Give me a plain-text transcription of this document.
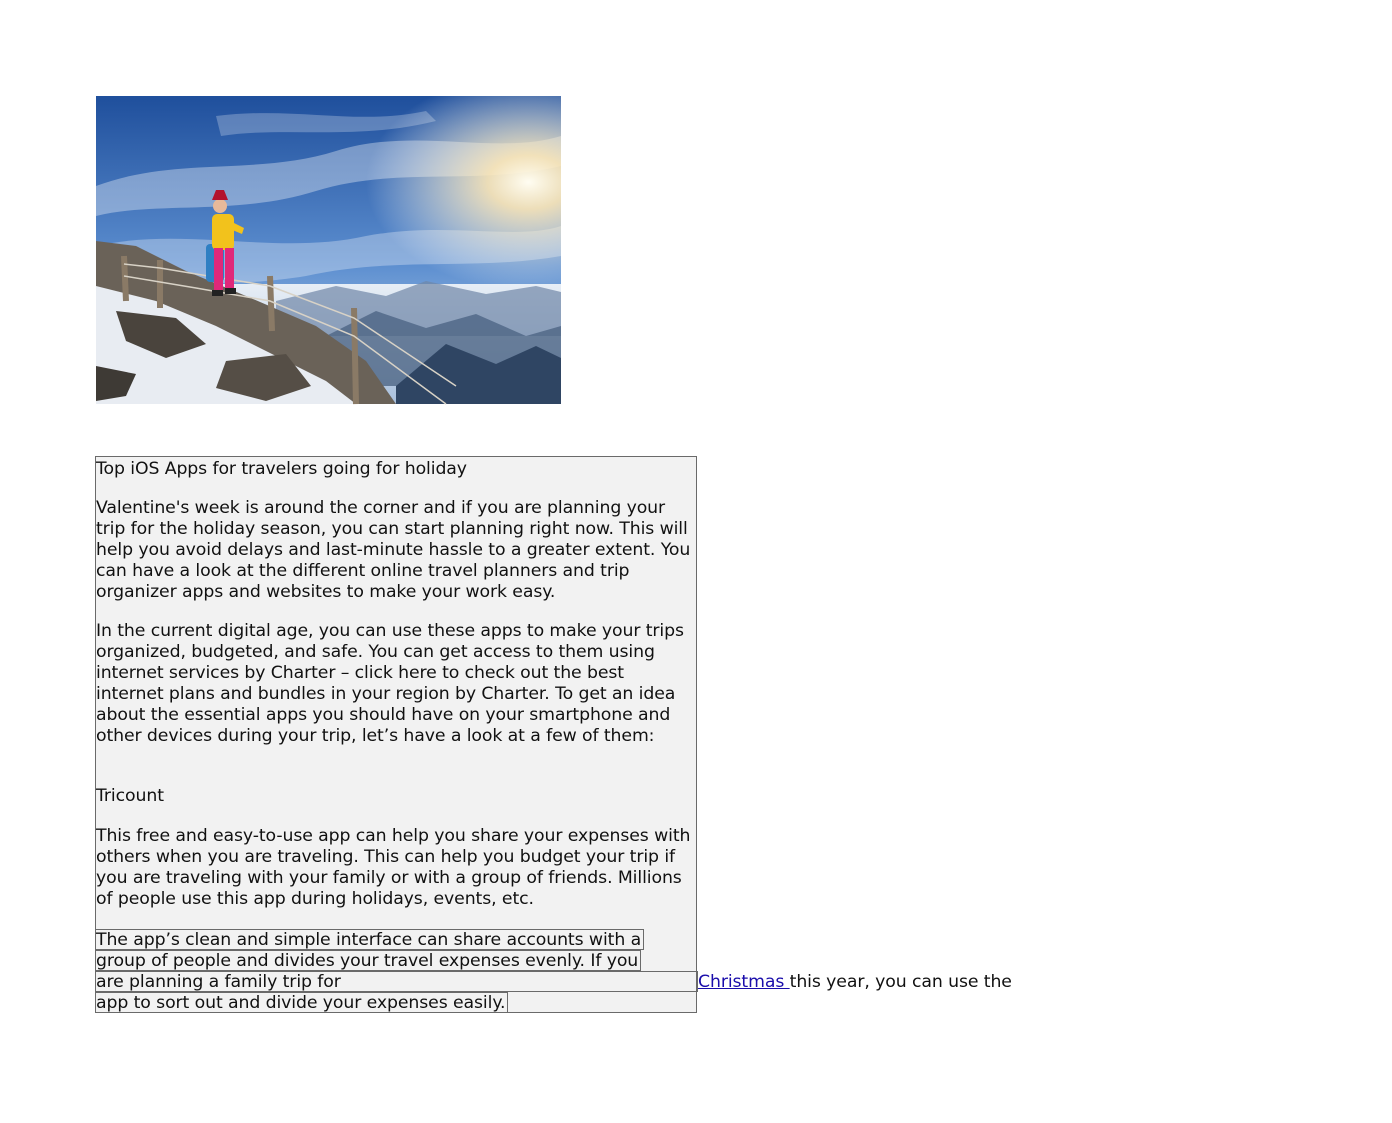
Top iOS Apps for travelers going for holiday

Valentine's week is around the corner and if you are planning your trip for the holiday season, you can start planning right now. This will help you avoid delays and last-minute hassle to a greater extent. You can have a look at the different online travel planners and trip organizer apps and websites to make your work easy.

In the current digital age, you can use these apps to make your trips organized, budgeted, and safe. You can get access to them using internet services by Charter – click here to check out the best internet plans and bundles in your region by Charter. To get an idea about the essential apps you should have on your smartphone and other devices during your trip, let’s have a look at a few of them:

Tricount

This free and easy-to-use app can help you share your expenses with others when you are traveling. This can help you budget your trip if you are traveling with your family or with a group of friends. Millions of people use this app during holidays, events, etc.

The app’s clean and simple interface can share accounts with a

group of people and divides your travel expenses evenly. If you

are planning a family trip for	Christmas this year, you can use the

app to sort out and divide your expenses easily.
